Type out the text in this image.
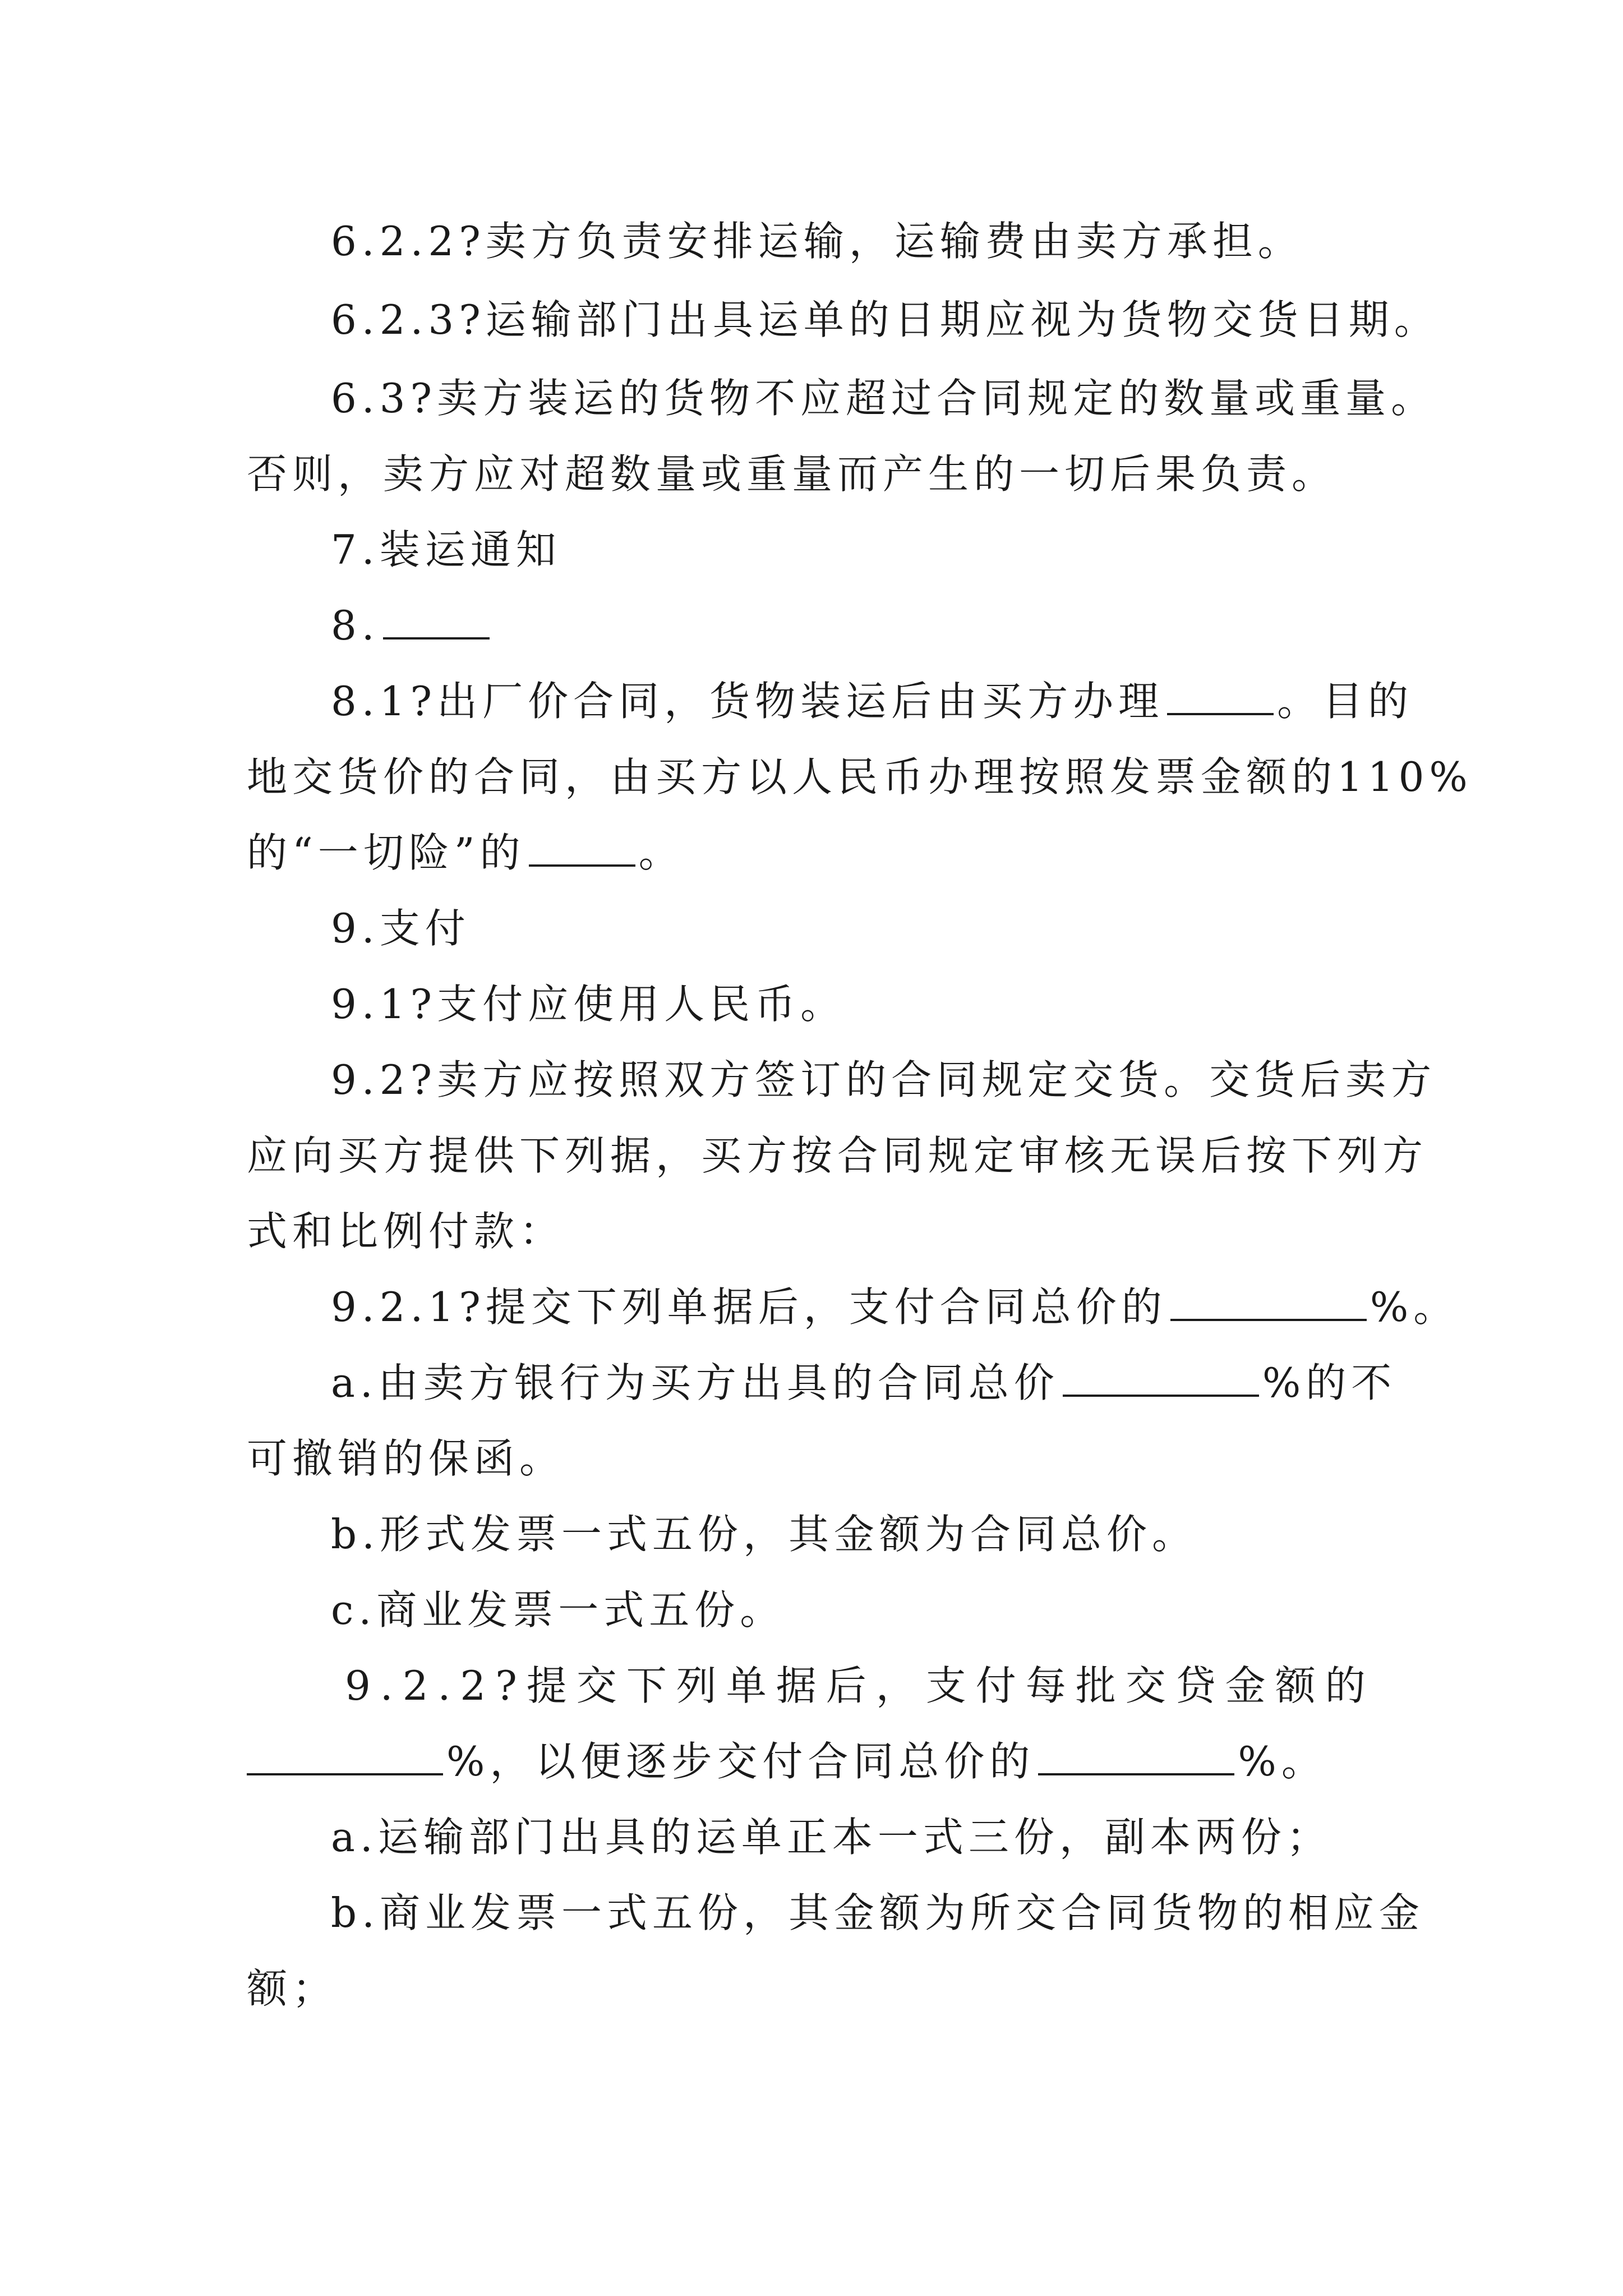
6.2.2?卖方负责安排运输，运输费由卖方承担。
6.2.3?运输部门出具运单的日期应视为货物交货日期。
6.3?卖方装运的货物不应超过合同规定的数量或重量。
否则，卖方应对超数量或重量而产生的一切后果负责。
7.装运通知
8.
8.1?出厂价合同，货物装运后由买方办理	。目的
地交货价的合同，由买方以人民币办理按照发票金额的110%
的“一切险”的	。
9.支付
9.1?支付应使用人民币。
9.2?卖方应按照双方签订的合同规定交货。交货后卖方
应向买方提供下列据，买方按合同规定审核无误后按下列方
式和比例付款：
9.2.1?提交下列单据后，支付合同总价的	%。
a.由卖方银行为买方出具的合同总价	%的不
可撤销的保函。
b.形式发票一式五份，其金额为合同总价。
c.商业发票一式五份。
9.2.2?提交下列单据后，支付每批交贷金额的
%，以便逐步交付合同总价的	%。
a.运输部门出具的运单正本一式三份，副本两份；
b.商业发票一式五份，其金额为所交合同货物的相应金
额；
